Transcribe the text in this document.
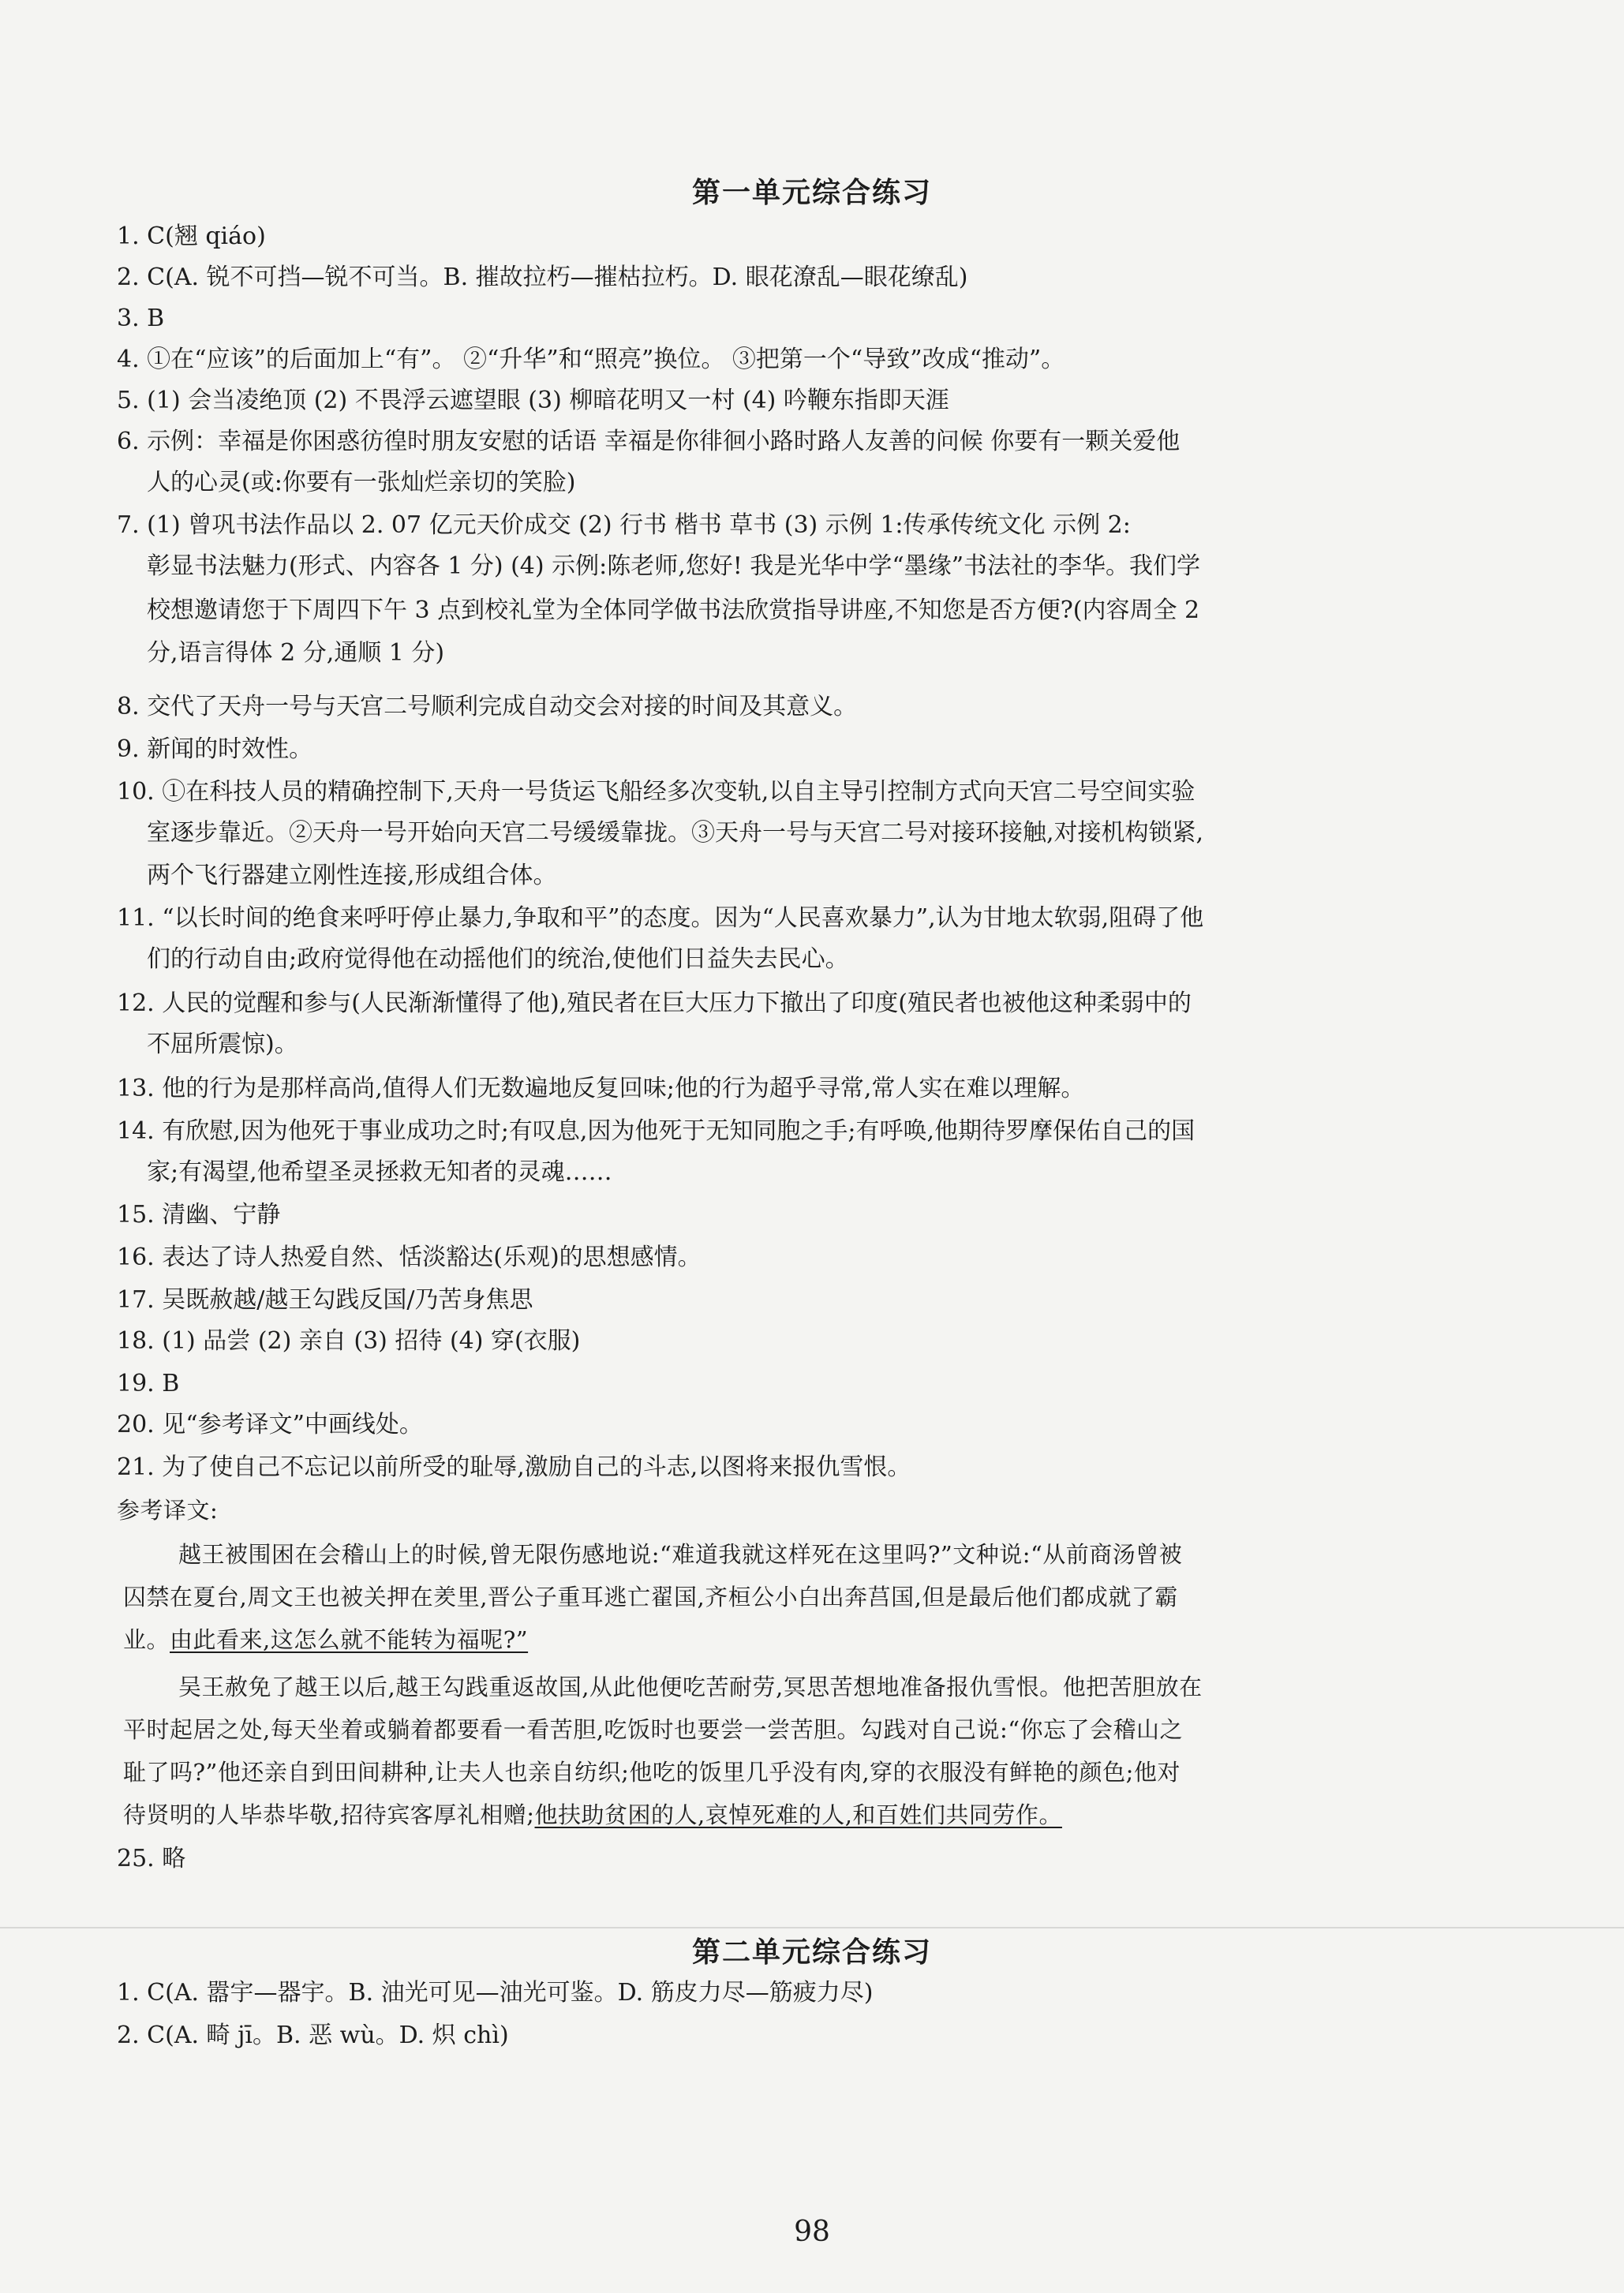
第一单元综合练习
1. C(翘 qiáo)
2. C(A. 锐不可挡—锐不可当。B. 摧故拉朽—摧枯拉朽。D. 眼花潦乱—眼花缭乱)
3. B
4. ①在“应该”的后面加上“有”。 ②“升华”和“照亮”换位。 ③把第一个“导致”改成“推动”。
5. (1) 会当凌绝顶 (2) 不畏浮云遮望眼 (3) 柳暗花明又一村 (4) 吟鞭东指即天涯
6. 示例：幸福是你困惑彷徨时朋友安慰的话语 幸福是你徘徊小路时路人友善的问候 你要有一颗关爱他
人的心灵(或:你要有一张灿烂亲切的笑脸)
7. (1) 曾巩书法作品以 2. 07 亿元天价成交 (2) 行书 楷书 草书 (3) 示例 1:传承传统文化 示例 2:
彰显书法魅力(形式、内容各 1 分) (4) 示例:陈老师,您好! 我是光华中学“墨缘”书法社的李华。我们学
校想邀请您于下周四下午 3 点到校礼堂为全体同学做书法欣赏指导讲座,不知您是否方便?(内容周全 2
分,语言得体 2 分,通顺 1 分)
8. 交代了天舟一号与天宫二号顺利完成自动交会对接的时间及其意义。
9. 新闻的时效性。
10. ①在科技人员的精确控制下,天舟一号货运飞船经多次变轨,以自主导引控制方式向天宫二号空间实验
室逐步靠近。②天舟一号开始向天宫二号缓缓靠拢。③天舟一号与天宫二号对接环接触,对接机构锁紧,
两个飞行器建立刚性连接,形成组合体。
11. “以长时间的绝食来呼吁停止暴力,争取和平”的态度。因为“人民喜欢暴力”,认为甘地太软弱,阻碍了他
们的行动自由;政府觉得他在动摇他们的统治,使他们日益失去民心。
12. 人民的觉醒和参与(人民渐渐懂得了他),殖民者在巨大压力下撤出了印度(殖民者也被他这种柔弱中的
不屈所震惊)。
13. 他的行为是那样高尚,值得人们无数遍地反复回味;他的行为超乎寻常,常人实在难以理解。
14. 有欣慰,因为他死于事业成功之时;有叹息,因为他死于无知同胞之手;有呼唤,他期待罗摩保佑自己的国
家;有渴望,他希望圣灵拯救无知者的灵魂……
15. 清幽、宁静
16. 表达了诗人热爱自然、恬淡豁达(乐观)的思想感情。
17. 吴既赦越/越王勾践反国/乃苦身焦思
18. (1) 品尝 (2) 亲自 (3) 招待 (4) 穿(衣服)
19. B
20. 见“参考译文”中画线处。
21. 为了使自己不忘记以前所受的耻辱,激励自己的斗志,以图将来报仇雪恨。
参考译文:
越王被围困在会稽山上的时候,曾无限伤感地说:“难道我就这样死在这里吗?”文种说:“从前商汤曾被
囚禁在夏台,周文王也被关押在羑里,晋公子重耳逃亡翟国,齐桓公小白出奔莒国,但是最后他们都成就了霸
业。由此看来,这怎么就不能转为福呢?”
吴王赦免了越王以后,越王勾践重返故国,从此他便吃苦耐劳,冥思苦想地准备报仇雪恨。他把苦胆放在
平时起居之处,每天坐着或躺着都要看一看苦胆,吃饭时也要尝一尝苦胆。勾践对自己说:“你忘了会稽山之
耻了吗?”他还亲自到田间耕种,让夫人也亲自纺织;他吃的饭里几乎没有肉,穿的衣服没有鲜艳的颜色;他对
待贤明的人毕恭毕敬,招待宾客厚礼相赠;他扶助贫困的人,哀悼死难的人,和百姓们共同劳作。
25. 略
第二单元综合练习
1. C(A. 嚣宇—器宇。B. 油光可见—油光可鉴。D. 筋皮力尽—筋疲力尽)
2. C(A. 畸 jī。B. 恶 wù。D. 炽 chì)
98
